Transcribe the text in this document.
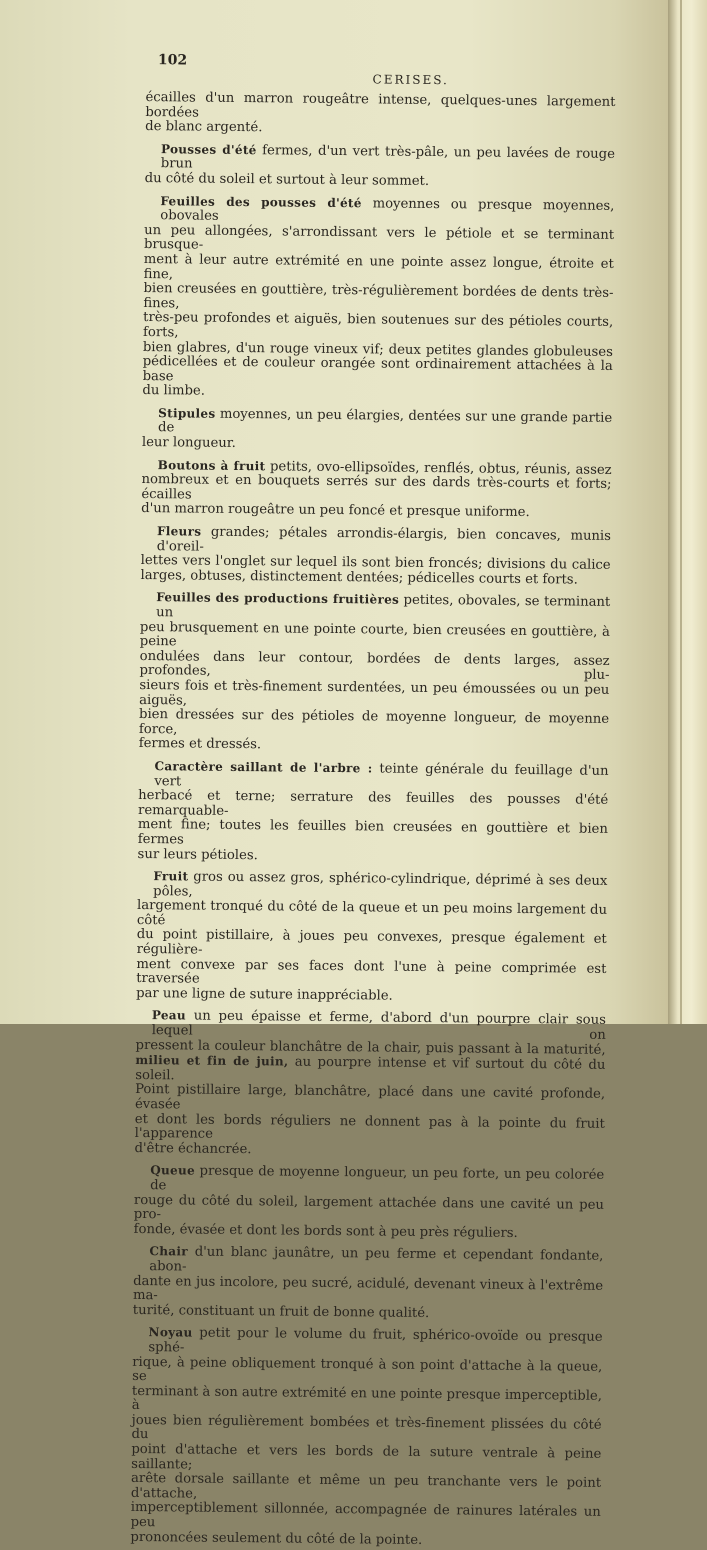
102
CERISES.
écailles d'un marron rougeâtre intense, quelques-unes largement bordées
de blanc argenté.
Pousses d'été fermes, d'un vert très-pâle, un peu lavées de rouge brun
du côté du soleil et surtout à leur sommet.
Feuilles des pousses d'été moyennes ou presque moyennes, obovales
un peu allongées, s'arrondissant vers le pétiole et se terminant brusque-
ment à leur autre extrémité en une pointe assez longue, étroite et fine,
bien creusées en gouttière, très-régulièrement bordées de dents très-fines,
très-peu profondes et aiguës, bien soutenues sur des pétioles courts, forts,
bien glabres, d'un rouge vineux vif; deux petites glandes globuleuses
pédicellées et de couleur orangée sont ordinairement attachées à la base
du limbe.
Stipules moyennes, un peu élargies, dentées sur une grande partie de
leur longueur.
Boutons à fruit petits, ovo-ellipsoïdes, renflés, obtus, réunis, assez
nombreux et en bouquets serrés sur des dards très-courts et forts; écailles
d'un marron rougeâtre un peu foncé et presque uniforme.
Fleurs grandes; pétales arrondis-élargis, bien concaves, munis d'oreil-
lettes vers l'onglet sur lequel ils sont bien froncés; divisions du calice
larges, obtuses, distinctement dentées; pédicelles courts et forts.
Feuilles des productions fruitières petites, obovales, se terminant un
peu brusquement en une pointe courte, bien creusées en gouttière, à peine
ondulées dans leur contour, bordées de dents larges, assez profondes, plu-
sieurs fois et très-finement surdentées, un peu émoussées ou un peu aiguës,
bien dressées sur des pétioles de moyenne longueur, de moyenne force,
fermes et dressés.
Caractère saillant de l'arbre : teinte générale du feuillage d'un vert
herbacé et terne; serrature des feuilles des pousses d'été remarquable-
ment fine; toutes les feuilles bien creusées en gouttière et bien fermes
sur leurs pétioles.
Fruit gros ou assez gros, sphérico-cylindrique, déprimé à ses deux pôles,
largement tronqué du côté de la queue et un peu moins largement du côté
du point pistillaire, à joues peu convexes, presque également et régulière-
ment convexe par ses faces dont l'une à peine comprimée est traversée
par une ligne de suture inappréciable.
Peau un peu épaisse et ferme, d'abord d'un pourpre clair sous lequel on
pressent la couleur blanchâtre de la chair, puis passant à la maturité,
milieu et fin de juin, au pourpre intense et vif surtout du côté du soleil.
Point pistillaire large, blanchâtre, placé dans une cavité profonde, évasée
et dont les bords réguliers ne donnent pas à la pointe du fruit l'apparence
d'être échancrée.
Queue presque de moyenne longueur, un peu forte, un peu colorée de
rouge du côté du soleil, largement attachée dans une cavité un peu pro-
fonde, évasée et dont les bords sont à peu près réguliers.
Chair d'un blanc jaunâtre, un peu ferme et cependant fondante, abon-
dante en jus incolore, peu sucré, acidulé, devenant vineux à l'extrême ma-
turité, constituant un fruit de bonne qualité.
Noyau petit pour le volume du fruit, sphérico-ovoïde ou presque sphé-
rique, à peine obliquement tronqué à son point d'attache à la queue, se
terminant à son autre extrémité en une pointe presque imperceptible, à
joues bien régulièrement bombées et très-finement plissées du côté du
point d'attache et vers les bords de la suture ventrale à peine saillante;
arête dorsale saillante et même un peu tranchante vers le point d'attache,
imperceptiblement sillonnée, accompagnée de rainures latérales un peu
prononcées seulement du côté de la pointe.
